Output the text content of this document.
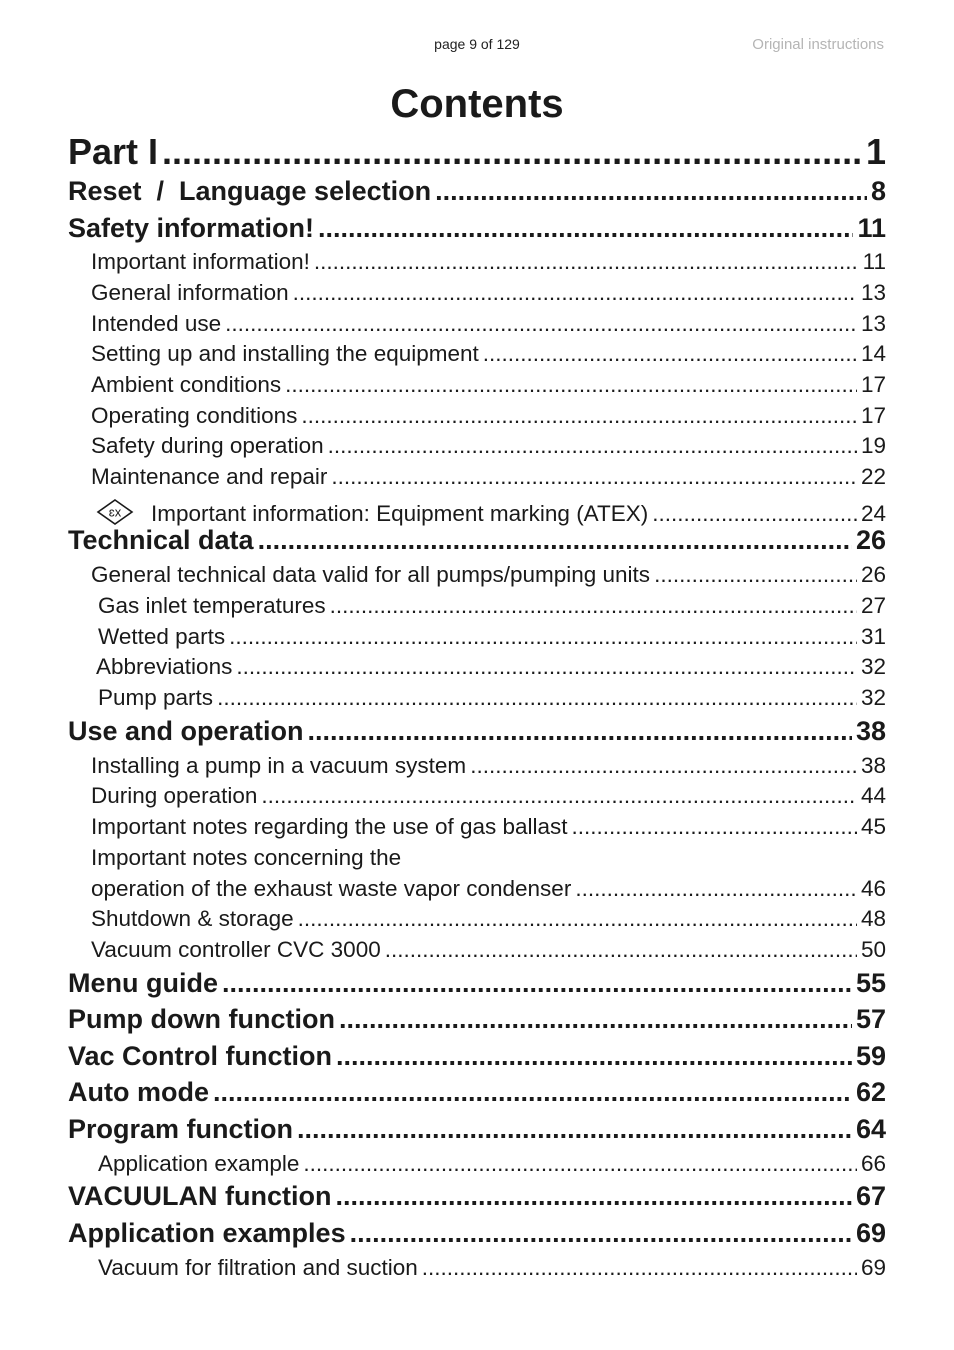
page 9 of 129	Original instructions
Contents
Part I .....	1
Reset  /  Language selection .....	8
Safety information! .....	11
Important information! .....	11
General information .....	13
Intended use .....	13
Setting up and installing the equipment .....	14
Ambient conditions .....	17
Operating conditions .....	17
Safety during operation .....	19
Maintenance and repair .....	22
ɛx Important information: Equipment marking (ATEX) .....	24
Technical data .....	26
General technical data valid for all pumps/pumping units .....	26
Gas inlet temperatures .....	27
Wetted parts .....	31
Abbreviations .....	32
Pump parts .....	32
Use and operation .....	38
Installing a pump in a vacuum system .....	38
During operation .....	44
Important notes regarding the use of gas ballast .....	45
Important notes concerning the
operation of the exhaust waste vapor condenser .....	46
Shutdown & storage .....	48
Vacuum controller CVC 3000 .....	50
Menu guide .....	55
Pump down function .....	57
Vac Control function .....	59
Auto mode .....	62
Program function .....	64
Application example .....	66
VACUULAN function .....	67
Application examples .....	69
Vacuum for filtration and suction .....	69
